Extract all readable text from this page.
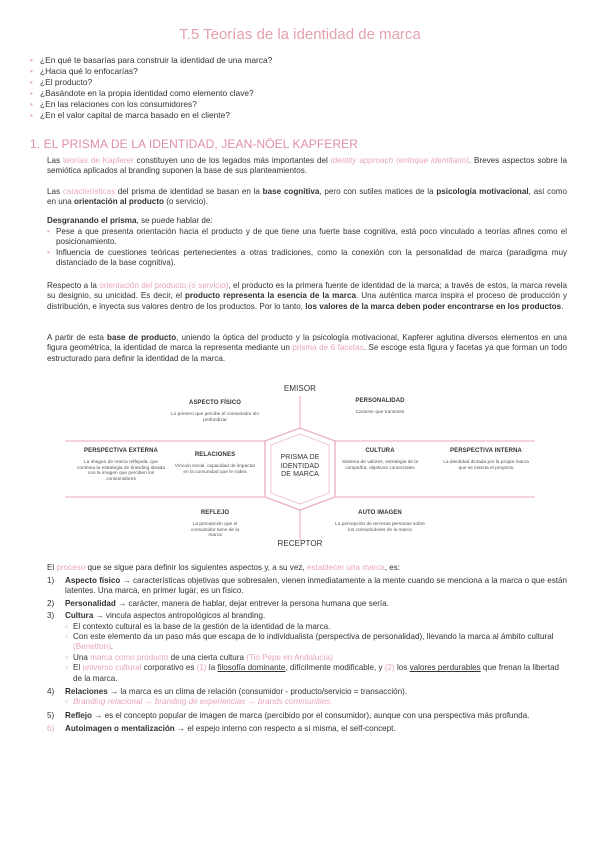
T.5 Teorías de la identidad de marca
• ¿En qué te basarías para construir la identidad de una marca?
• ¿Hacia qué lo enfocarías?
• ¿El producto?
• ¿Basándote en la propia identidad como elemento clave?
• ¿En las relaciones con los consumidores?
• ¿En el valor capital de marca basado en el cliente?
1. EL PRISMA DE LA IDENTIDAD, JEAN-NÖEL KAPFERER
Las teorías de Kapferer constituyen uno de los legados más importantes del identity approach (enfoque identitario). Breves aspectos sobre la semiótica aplicados al branding suponen la base de sus planteamientos.
Las características del prisma de identidad se basan en la base cognitiva, pero con sutiles matices de la psicología motivacional, así como en una orientación al producto (o servicio).
Desgranando el prisma, se puede hablar de:
• Pese a que presenta orientación hacia el producto y de que tiene una fuerte base cognitiva, está poco vinculado a teorías afines como el posicionamiento.
• Influencia de cuestiones teóricas pertenecientes a otras tradiciones, como la conexión con la personalidad de marca (paradigma muy distanciado de la base cognitiva).
Respecto a la orientación del producto (o servicio), el producto es la primera fuente de identidad de la marca; a través de estos, la marca revela su designio, su unicidad. Es decir, el producto representa la esencia de la marca. Una auténtica marca inspira el proceso de producción y distribución, e inyecta sus valores dentro de los productos. Por lo tanto, los valores de la marca deben poder encontrarse en los productos.
A partir de esta base de producto, uniendo la óptica del producto y la psicología motivacional, Kapferer aglutina diversos elementos en una figura geométrica, la identidad de marca la representa mediante un prisma de 6 facetas. Se escoge esta figura y facetas ya que forman un todo estructurado para definir la identidad de la marca.
EMISOR
RECEPTOR
PRISMA DE
IDENTIDAD
DE MARCA
ASPECTO FÍSICO
Lo primero que percibe el consumidor sin profundizar
PERSONALIDAD
Carácter que transmite
PERSPECTIVA EXTERNA
La imagen de marca reflejada, que combina la estrategia de branding ideada con la imagen que perciben los consumidores
RELACIONES
Vínculo social, capacidad de impactar en la comunidad que le rodea
CULTURA
Sistema de valores, estrategia de la compañía, objetivos comerciales
PERSPECTIVA INTERNA
La identidad dictada por la propia marca que se inserta el proyecto
REFLEJO
La percepción que el consumidor tiene de la marca
AUTO IMAGEN
La percepción de terceras personas sobre los consumidores de la marca
El proceso que se sigue para definir los siguientes aspectos y, a su vez, establecer una marca, es:
1) Aspecto físico → características objetivas que sobresalen, vienen inmediatamente a la mente cuando se menciona a la marca o que están latentes. Una marca, en primer lugar, es un físico.
2) Personalidad → carácter, manera de hablar, dejar entrever la persona humana que sería.
3) Cultura → vincula aspectos antropológicos al branding.
◦ El contexto cultural es la base de la gestión de la identidad de la marca.
◦ Con este elemento da un paso más que escapa de lo individualista (perspectiva de personalidad), llevando la marca al ámbito cultural (Benetton).
◦ Una marca como producto de una cierta cultura (Tio Pepe en Andalucía)
◦ El universo cultural corporativo es (1) la filosofía dominante, difícilmente modificable, y (2) los valores perdurables que frenan la libertad de la marca.
4) Relaciones → la marca es un clima de relación (consumidor - producto/servicio = transacción).
◦ Branding relacional → branding de experiencias → brands communities.
5) Reflejo → es el concepto popular de imagen de marca (percibido por el consumidor), aunque con una perspectiva más profunda.
6) Autoimagen o mentalización → el espejo interno con respecto a sí misma, el self-concept.
